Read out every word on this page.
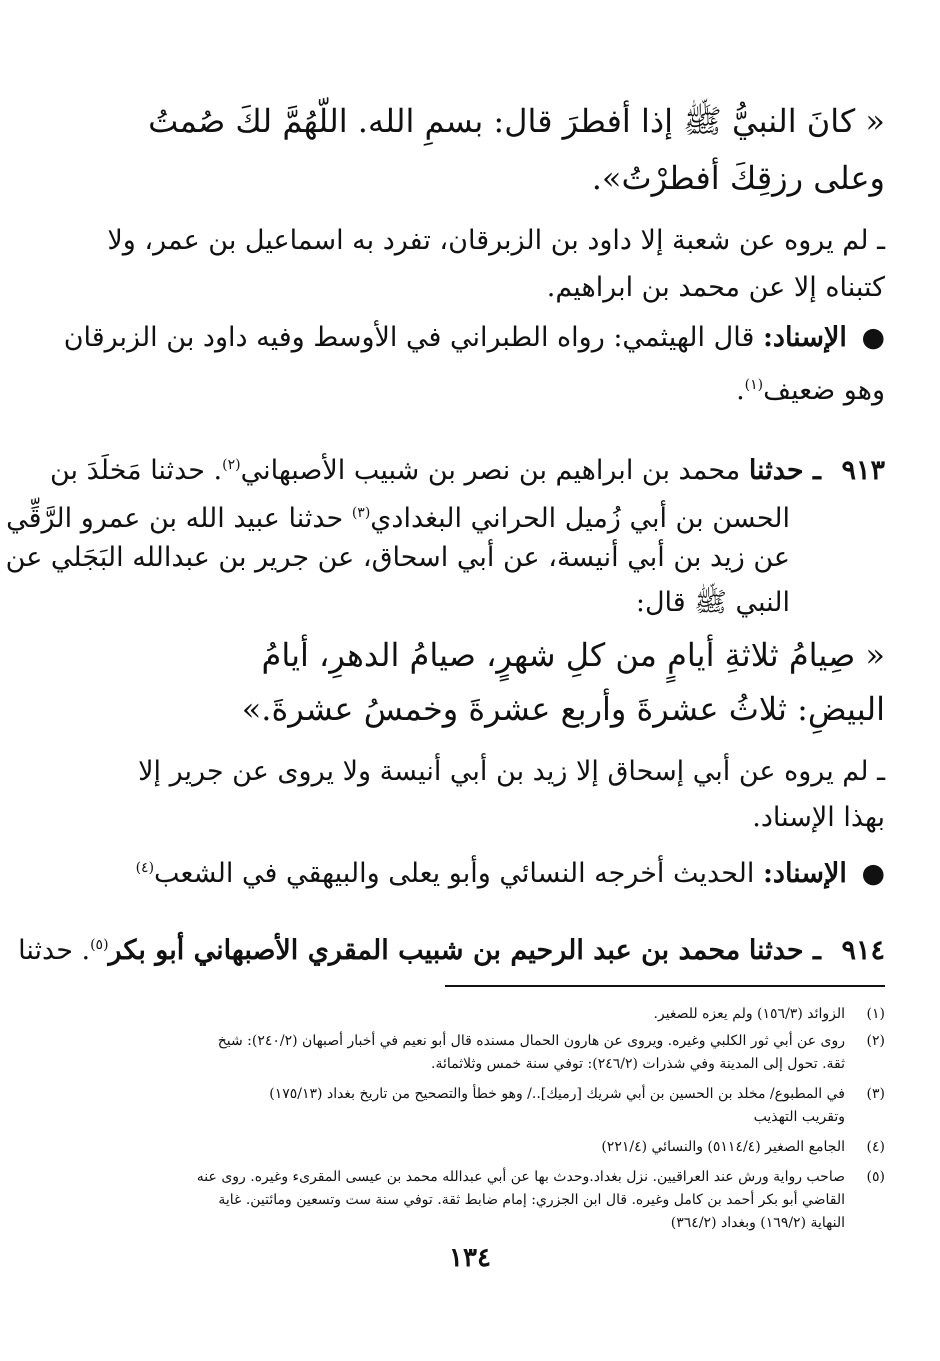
« كانَ النبيُّ ﷺ إذا أفطرَ قال: بسمِ الله. اللّهُمَّ لكَ صُمتُ
وعلى رزقِكَ أفطرْتُ».
ـ لم يروه عن شعبة إلا داود بن الزبرقان، تفرد به اسماعيل بن عمر، ولا
كتبناه إلا عن محمد بن ابراهيم.
● الإسناد: قال الهيثمي: رواه الطبراني في الأوسط وفيه داود بن الزبرقان
وهو ضعيف$^{(١)}$.
٩١٣ ـ حدثنا محمد بن ابراهيم بن نصر بن شبيب الأصبهاني$^{(٢)}$. حدثنا مَخلَدَ بن
الحسن بن أبي زُميل الحراني البغدادي$^{(٣)}$ حدثنا عبيد الله بن عمرو الرَّقِّي
عن زيد بن أبي أنيسة، عن أبي اسحاق، عن جرير بن عبدالله البَجَلي عن
النبي ﷺ قال:
« صِيامُ ثلاثةِ أيامٍ من كلِ شهرٍ، صيامُ الدهرِ، أيامُ
البيضِ: ثلاثُ عشرةَ وأربع عشرةَ وخمسُ عشرةَ.»
ـ لم يروه عن أبي إسحاق إلا زيد بن أبي أنيسة ولا يروى عن جرير إلا
بهذا الإسناد.
● الإسناد: الحديث أخرجه النسائي وأبو يعلى والبيهقي في الشعب$^{(٤)}$
٩١٤ ـ حدثنا محمد بن عبد الرحيم بن شبيب المقري الأصبهاني أبو بكر$^{(٥)}$. حدثنا
(١)الزوائد (١٥٦/٣) ولم يعزه للصغير.
(٢)روى عن أبي ثور الكلبي وغيره. ويروى عن هارون الحمال مسنده قال أبو نعيم في أخبار أصبهان (٢٤٠/٢): شيخ
ثقة. تحول إلى المدينة وفي شذرات (٢٤٦/٢): توفي سنة خمس وثلاثمائة.
(٣)في المطبوع/ مخلد بن الحسين بن أبي شريك [رميك]../ وهو خطأ والتصحيح من تاريخ بغداد (١٧٥/١٣)
وتقريب التهذيب
(٤)الجامع الصغير (٥١١٤/٤) والنسائي (٢٢١/٤)
(٥)صاحب رواية ورش عند العراقيين. نزل بغداد.وحدث بها عن أبي عبدالله محمد بن عيسى المقرىء وغيره. روى عنه
القاضي أبو بكر أحمد بن كامل وغيره. قال ابن الجزري: إمام ضابط ثقة. توفي سنة ست وتسعين ومائتين. غاية
النهاية (١٦٩/٢) وبغداد (٣٦٤/٢)
١٣٤
